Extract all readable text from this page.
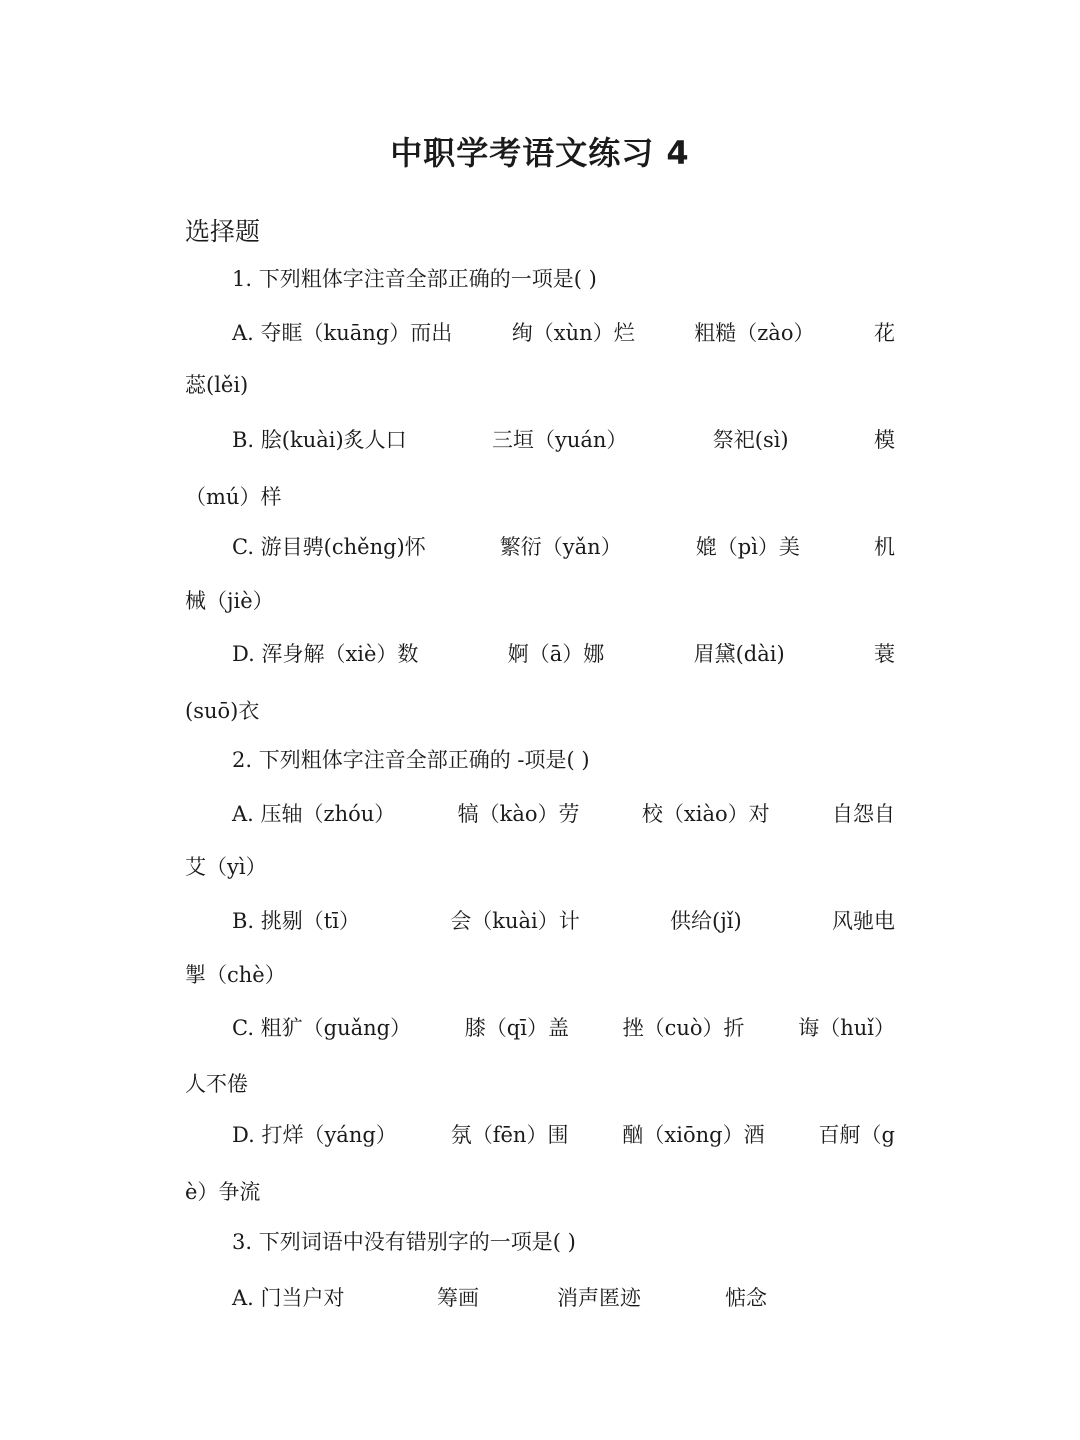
中职学考语文练习 4
选择题
1. 下列粗体字注音全部正确的一项是( )
A. 夺眶（kuāng）而出	绚（xùn）烂	粗糙（zào）	花
蕊(lěi)
B. 脍(kuài)炙人口	三垣（yuán）	祭祀(sì)	模
（mú）样
C. 游目骋(chěng)怀	繁衍（yǎn）	媲（pì）美	机
械（jiè）
D. 浑身解（xiè）数	婀（ā）娜	眉黛(dài)	蓑
(suō)衣
2. 下列粗体字注音全部正确的 -项是( )
A. 压轴（zhóu）	犒（kào）劳	校（xiào）对	自怨自
艾（yì）
B. 挑剔（tī）	会（kuài）计	供给(jǐ)	风驰电
掣（chè）
C. 粗犷（guǎng）	膝（qī）盖	挫（cuò）折	诲（huǐ）
人不倦
D. 打烊（yáng）	氛（fēn）围	酗（xiōng）酒	百舸（g
è）争流
3. 下列词语中没有错别字的一项是( )
A. 门当户对	筹画	消声匿迹	惦念
